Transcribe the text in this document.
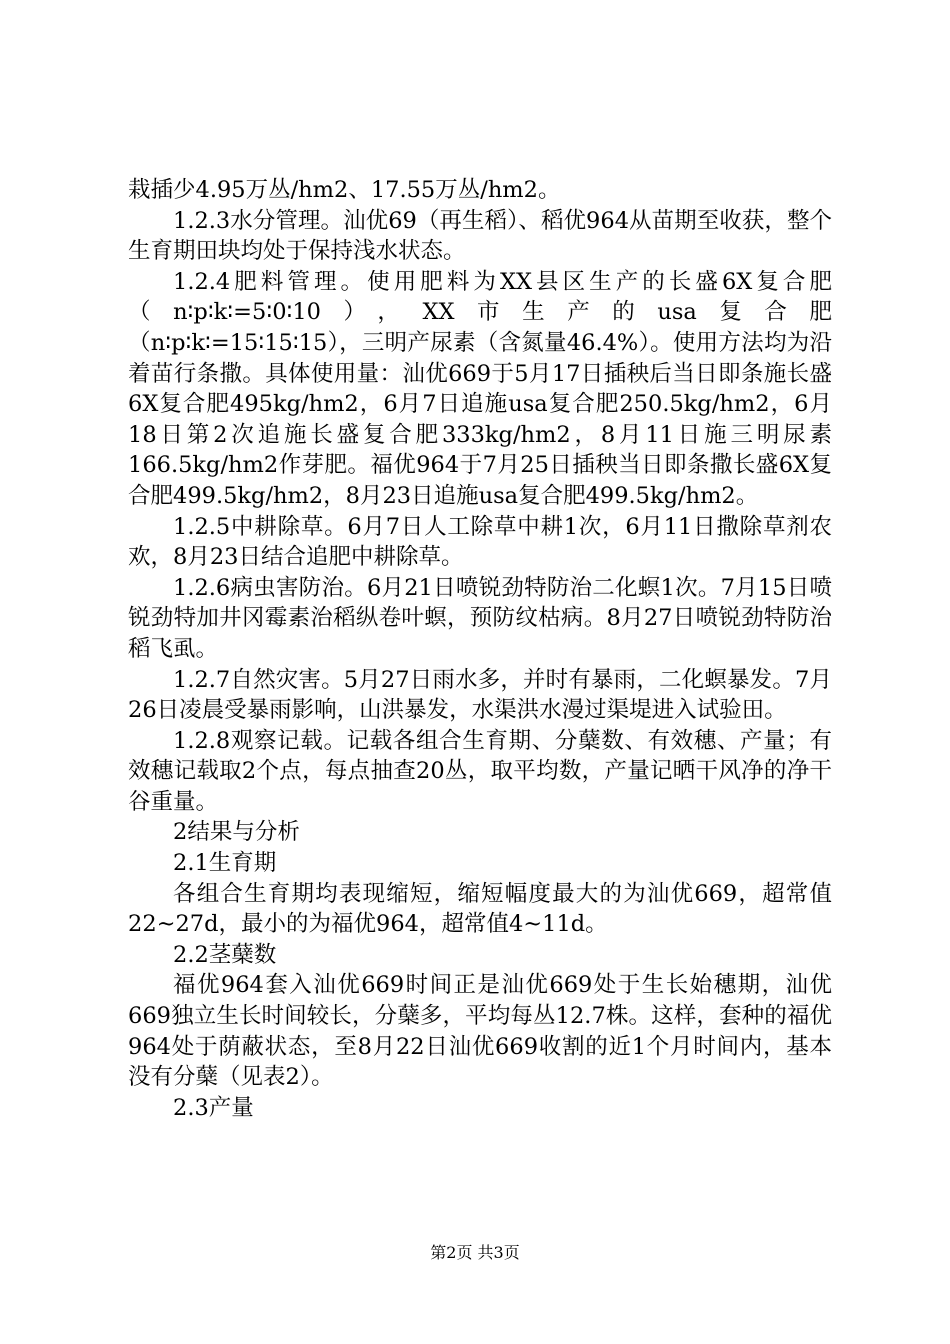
栽插少4.95万丛/hm2、17.55万丛/hm2。

1.2.3水分管理。汕优69（再生稻）、稻优964从苗期至收获，整个生育期田块均处于保持浅水状态。

1.2.4肥料管理。使用肥料为XX县区生产的长盛6X复合肥

（n∶p∶k∶=5∶0∶10），XX市生产的usa复合肥

（n∶p∶k∶=15∶15∶15），三明产尿素（含氮量46.4%）。使用方法均为沿着苗行条撒。具体使用量：汕优669于5月17日插秧后当日即条施长盛6X复合肥495kg/hm2，6月7日追施usa复合肥250.5kg/hm2，6月18日第2次追施长盛复合肥333kg/hm2，8月11日施三明尿素166.5kg/hm2作芽肥。福优964于7月25日插秧当日即条撒长盛6X复合肥499.5kg/hm2，8月23日追施usa复合肥499.5kg/hm2。

1.2.5中耕除草。6月7日人工除草中耕1次，6月11日撒除草剂农欢，8月23日结合追肥中耕除草。

1.2.6病虫害防治。6月21日喷锐劲特防治二化螟1次。7月15日喷锐劲特加井冈霉素治稻纵卷叶螟，预防纹枯病。8月27日喷锐劲特防治稻飞虱。

1.2.7自然灾害。5月27日雨水多，并时有暴雨，二化螟暴发。7月26日凌晨受暴雨影响，山洪暴发，水渠洪水漫过渠堤进入试验田。

1.2.8观察记载。记载各组合生育期、分蘖数、有效穗、产量；有效穗记载取2个点，每点抽查20丛，取平均数，产量记晒干风净的净干谷重量。

2结果与分析

2.1生育期

各组合生育期均表现缩短，缩短幅度最大的为汕优669，超常值22~27d，最小的为福优964，超常值4~11d。

2.2茎蘖数

福优964套入汕优669时间正是汕优669处于生长始穗期，汕优669独立生长时间较长，分蘖多，平均每丛12.7株。这样，套种的福优964处于荫蔽状态，至8月22日汕优669收割的近1个月时间内，基本没有分蘖（见表2）。

2.3产量

第2页 共3页
